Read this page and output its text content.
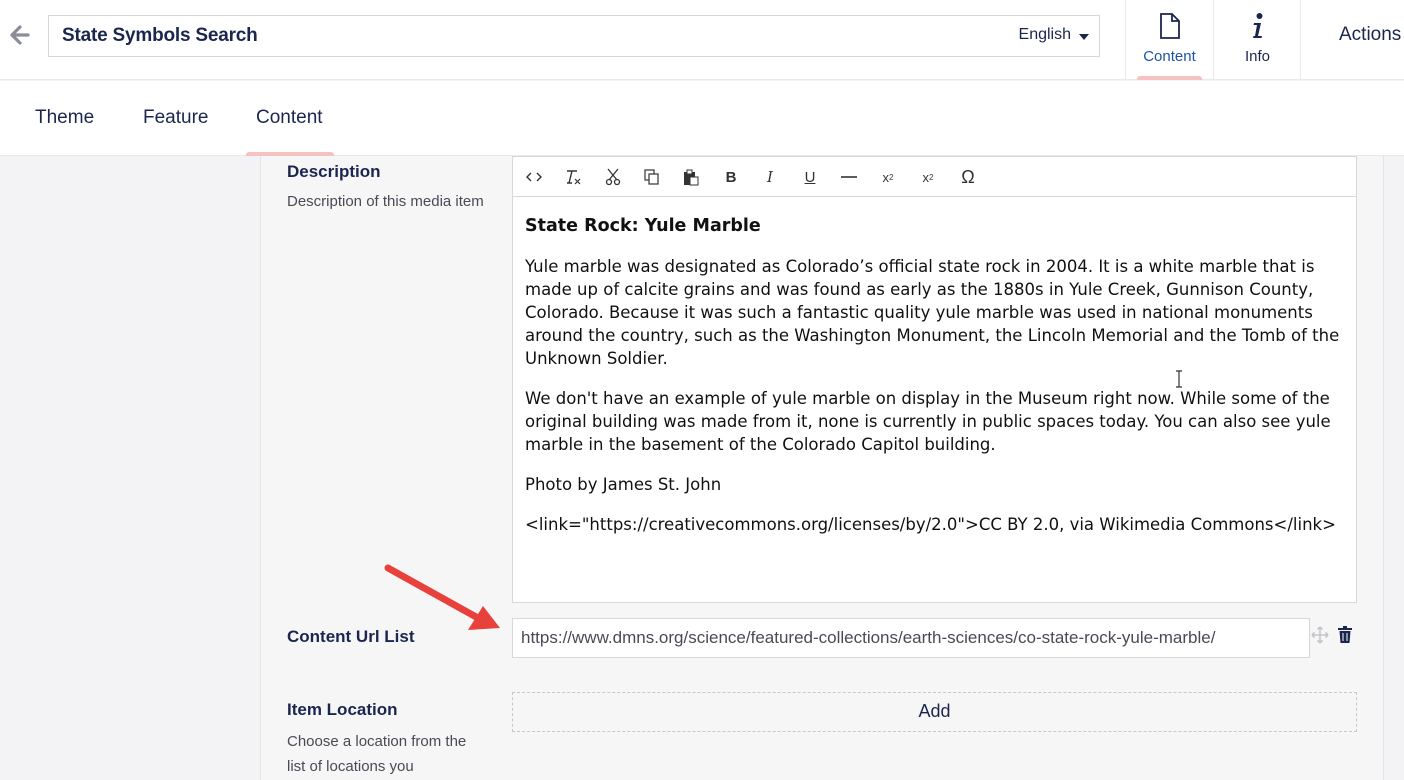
State Symbols Search	English
Content	Info
Actions
Theme	Feature	Content
Description
Description of this media item
B	I	U	x 2	x 2 Ω
State Rock: Yule Marble

Yule marble was designated as Colorado’s official state rock in 2004. It is a white marble that is made up of calcite grains and was found as early as the 1880s in Yule Creek, Gunnison County, Colorado. Because it was such a fantastic quality yule marble was used in national monuments around the country, such as the Washington Monument, the Lincoln Memorial and the Tomb of the Unknown Soldier.

We don't have an example of yule marble on display in the Museum right now. While some of the original building was made from it, none is currently in public spaces today. You can also see yule marble in the basement of the Colorado Capitol building.

Photo by James St. John

<link="https://creativecommons.org/licenses/by/2.0">CC BY 2.0, via Wikimedia Commons</link>

Content Url List	https://www.dmns.org/science/featured-collections/earth-sciences/co-state-rock-yule-marble/
Item Location
Choose a location from the list of locations you
Add
